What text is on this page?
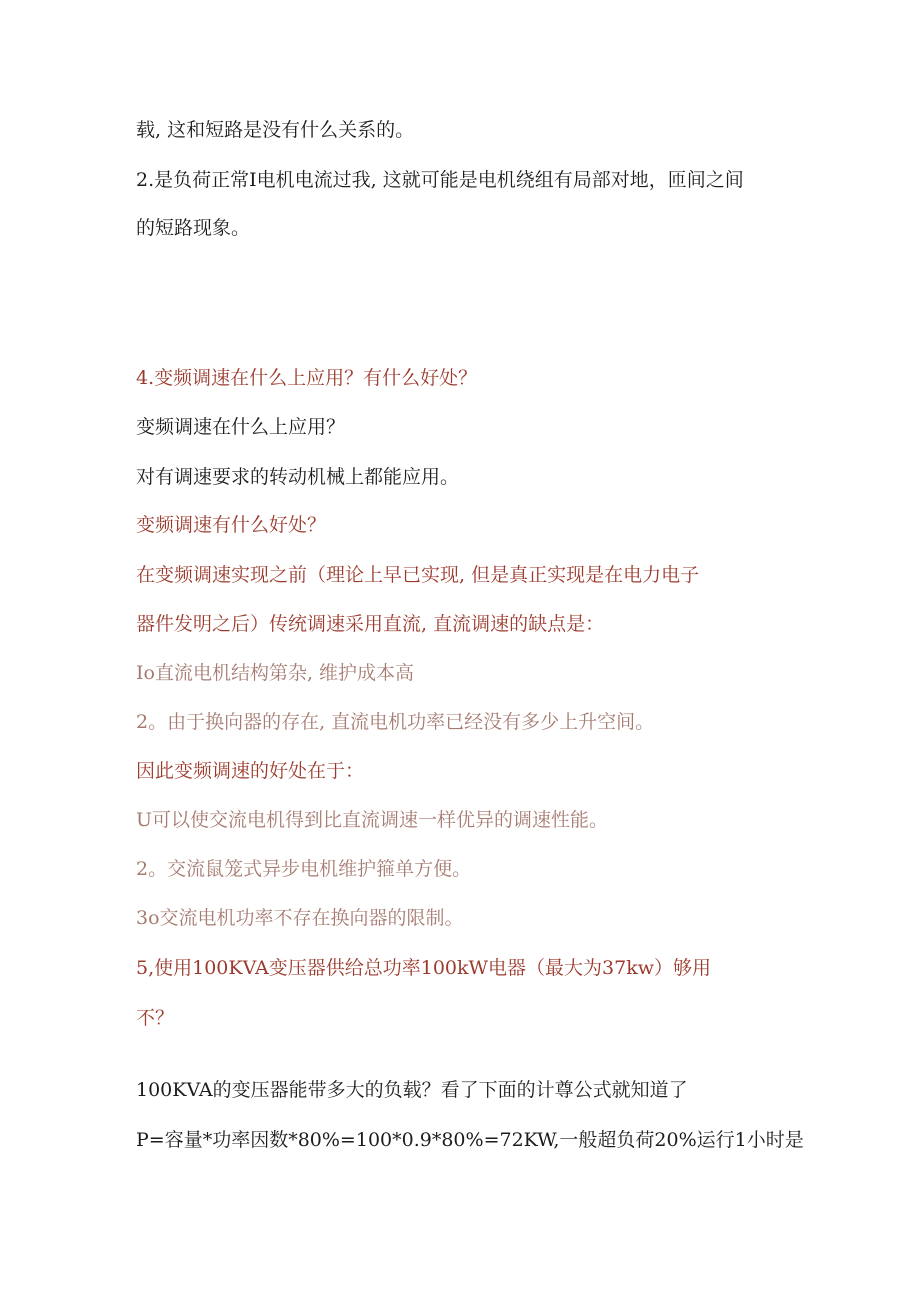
载, 这和短路是没有什么关系的。

2.是负荷正常I电机电流过我, 这就可能是电机绕组有局部对地，匝间之间

的短路现象。

4.变频调速在什么上应用？有什么好处？

变频调速在什么上应用？

对有调速要求的转动机械上都能应用。

变频调速有什么好处？

在变频调速实现之前（理论上早已实现, 但是真正实现是在电力电子

器件发明之后）传统调速采用直流, 直流调速的缺点是：

Io直流电机结构第杂, 维护成本高

2。由于换向器的存在, 直流电机功率已经没有多少上升空间。

因此变频调速的好处在于：

U可以使交流电机得到比直流调速一样优异的调速性能。

2。交流鼠笼式异步电机维护箍单方便。

3o交流电机功率不存在换向器的限制。

5,使用100KVA变压器供给总功率100kW电器（最大为37kw）够用

不？

100KVA的变压器能带多大的负载？看了下面的计尊公式就知道了

P=容量*功率因数*80%=100*0.9*80%=72KW,一般超负荷20%运行1小时是
